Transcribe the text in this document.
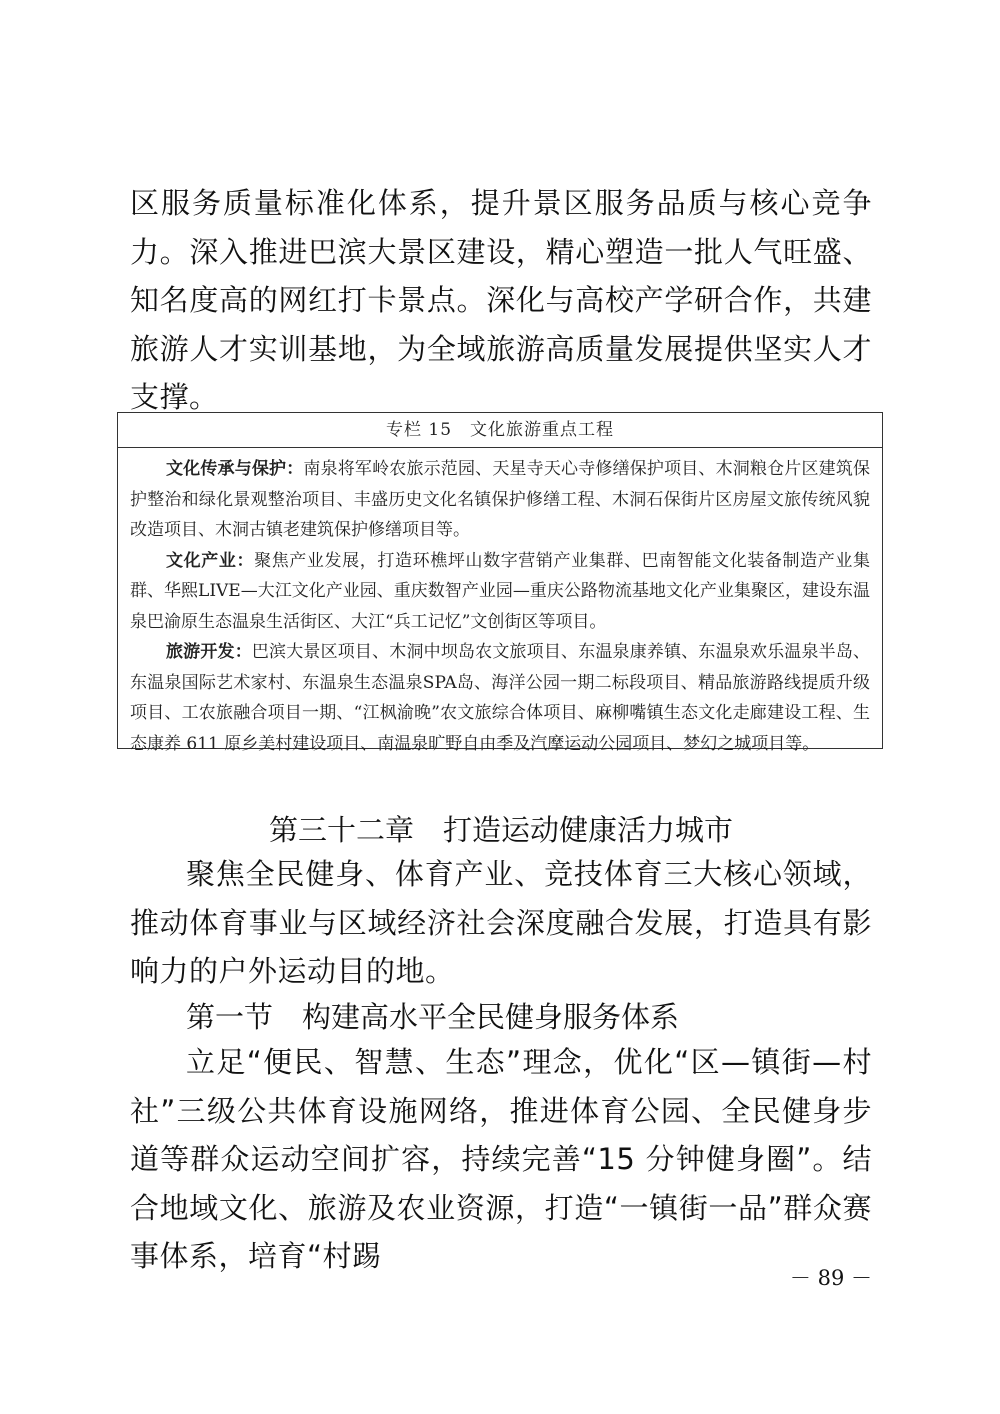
区服务质量标准化体系，提升景区服务品质与核心竞争力。深入推进巴滨大景区建设，精心塑造一批人气旺盛、知名度高的网红打卡景点。深化与高校产学研合作，共建旅游人才实训基地，为全域旅游高质量发展提供坚实人才支撑。

专栏 15　文化旅游重点工程

文化传承与保护：南泉将军岭农旅示范园、天星寺天心寺修缮保护项目、木洞粮仓片区建筑保护整治和绿化景观整治项目、丰盛历史文化名镇保护修缮工程、木洞石保街片区房屋文旅传统风貌改造项目、木洞古镇老建筑保护修缮项目等。

文化产业：聚焦产业发展，打造环樵坪山数字营销产业集群、巴南智能文化装备制造产业集群、华熙LIVE—大江文化产业园、重庆数智产业园—重庆公路物流基地文化产业集聚区，建设东温泉巴渝原生态温泉生活街区、大江“兵工记忆”文创街区等项目。

旅游开发：巴滨大景区项目、木洞中坝岛农文旅项目、东温泉康养镇、东温泉欢乐温泉半岛、东温泉国际艺术家村、东温泉生态温泉SPA岛、海洋公园一期二标段项目、精品旅游路线提质升级项目、工农旅融合项目一期、“江枫渝晚”农文旅综合体项目、麻柳嘴镇生态文化走廊建设工程、生态康养 611 原乡美村建设项目、南温泉旷野自由季及汽摩运动公园项目、梦幻之城项目等。

第三十二章　打造运动健康活力城市

聚焦全民健身、体育产业、竞技体育三大核心领域，推动体育事业与区域经济社会深度融合发展，打造具有影响力的户外运动目的地。

第一节　构建高水平全民健身服务体系

立足“便民、智慧、生态”理念，优化“区—镇街—村社”三级公共体育设施网络，推进体育公园、全民健身步道等群众运动空间扩容，持续完善“15 分钟健身圈”。结合地域文化、旅游及农业资源，打造“一镇街一品”群众赛事体系，培育“村踢

－ 89 －
